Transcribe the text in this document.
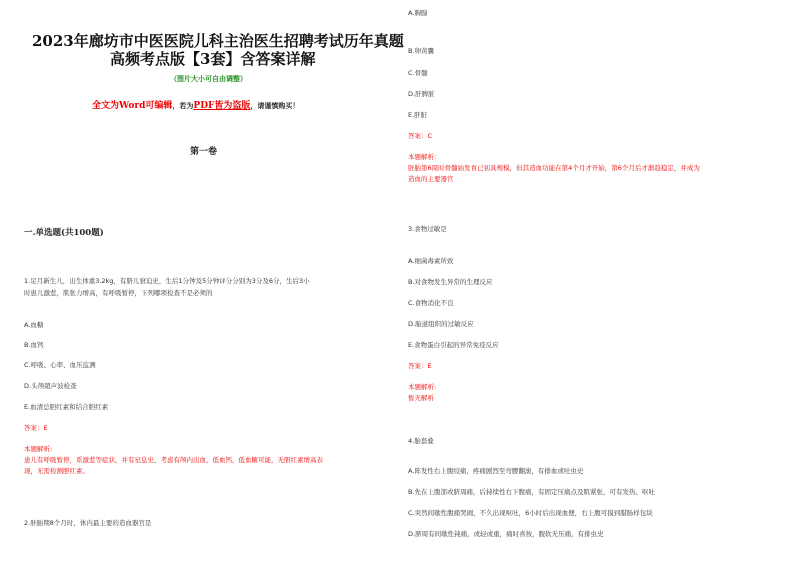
2023年廊坊市中医医院儿科主治医生招聘考试历年真题
高频考点版【3套】含答案详解
（图片大小可自由调整）
全文为Word可编辑，若为PDF皆为盗版，请谨慎购买！
第一卷
一.单选题(共100题)
1.足月新生儿，出生体重3.2kg，有脐儿窘迫史，生后1分钟及5分钟评分分别为3分及6分，生后3小
时患儿激惹，肌张力增高，有呼吸暂停，下列哪项检查不是必须的
A.血糖
B.血钙
C.呼吸、心率、血压监测
D.头颅超声波检查
E.血清总胆红素和结合胆红素
答案：E
本题解析:
患儿有呼吸暂停，系激惹等症状，并有窒息史，考虑有颅内出血，低血钙，低血糖可能，无胆红素增高表
现，无需检测胆红素。
2.胚胎期8个月时，体内最主要的造血器官是
A.胸腺
B.卵黄囊
C.骨髓
D.肝脾脏
E.肝脏
答案：C
本题解析:
胚胎第6周时骨髓始发育已初具规模，但其造血功能在第4个月才开始，第6个月后才渐趋稳定，并成为
造血的主要器官
3.食物过敏是
A.细菌毒素所致
B.对食物发生异常的生理反应
C.食物消化不良
D.胎道组织的过敏反应
E.食物蛋白引起的异常免疫反应
答案：E
本题解析:
暂无解析
4.胎套叠
A.阵发性右上腹绞痛，疼痛剧烈至弯腰翻滚，有排血或吐虫史
B.先在上腹部或脐周痛，后持续性右下腹痛，有固定压痛点及肌紧张，可有发热、呕吐
C.突然间歇性腹痛哭闹，不久出现呕吐，6小时后出现血便，右上腹可摸到腊肠样包块
D.脐周有间歇性钝痛，或轻或重，痛时喜按，腹软无压痛，有排虫史
